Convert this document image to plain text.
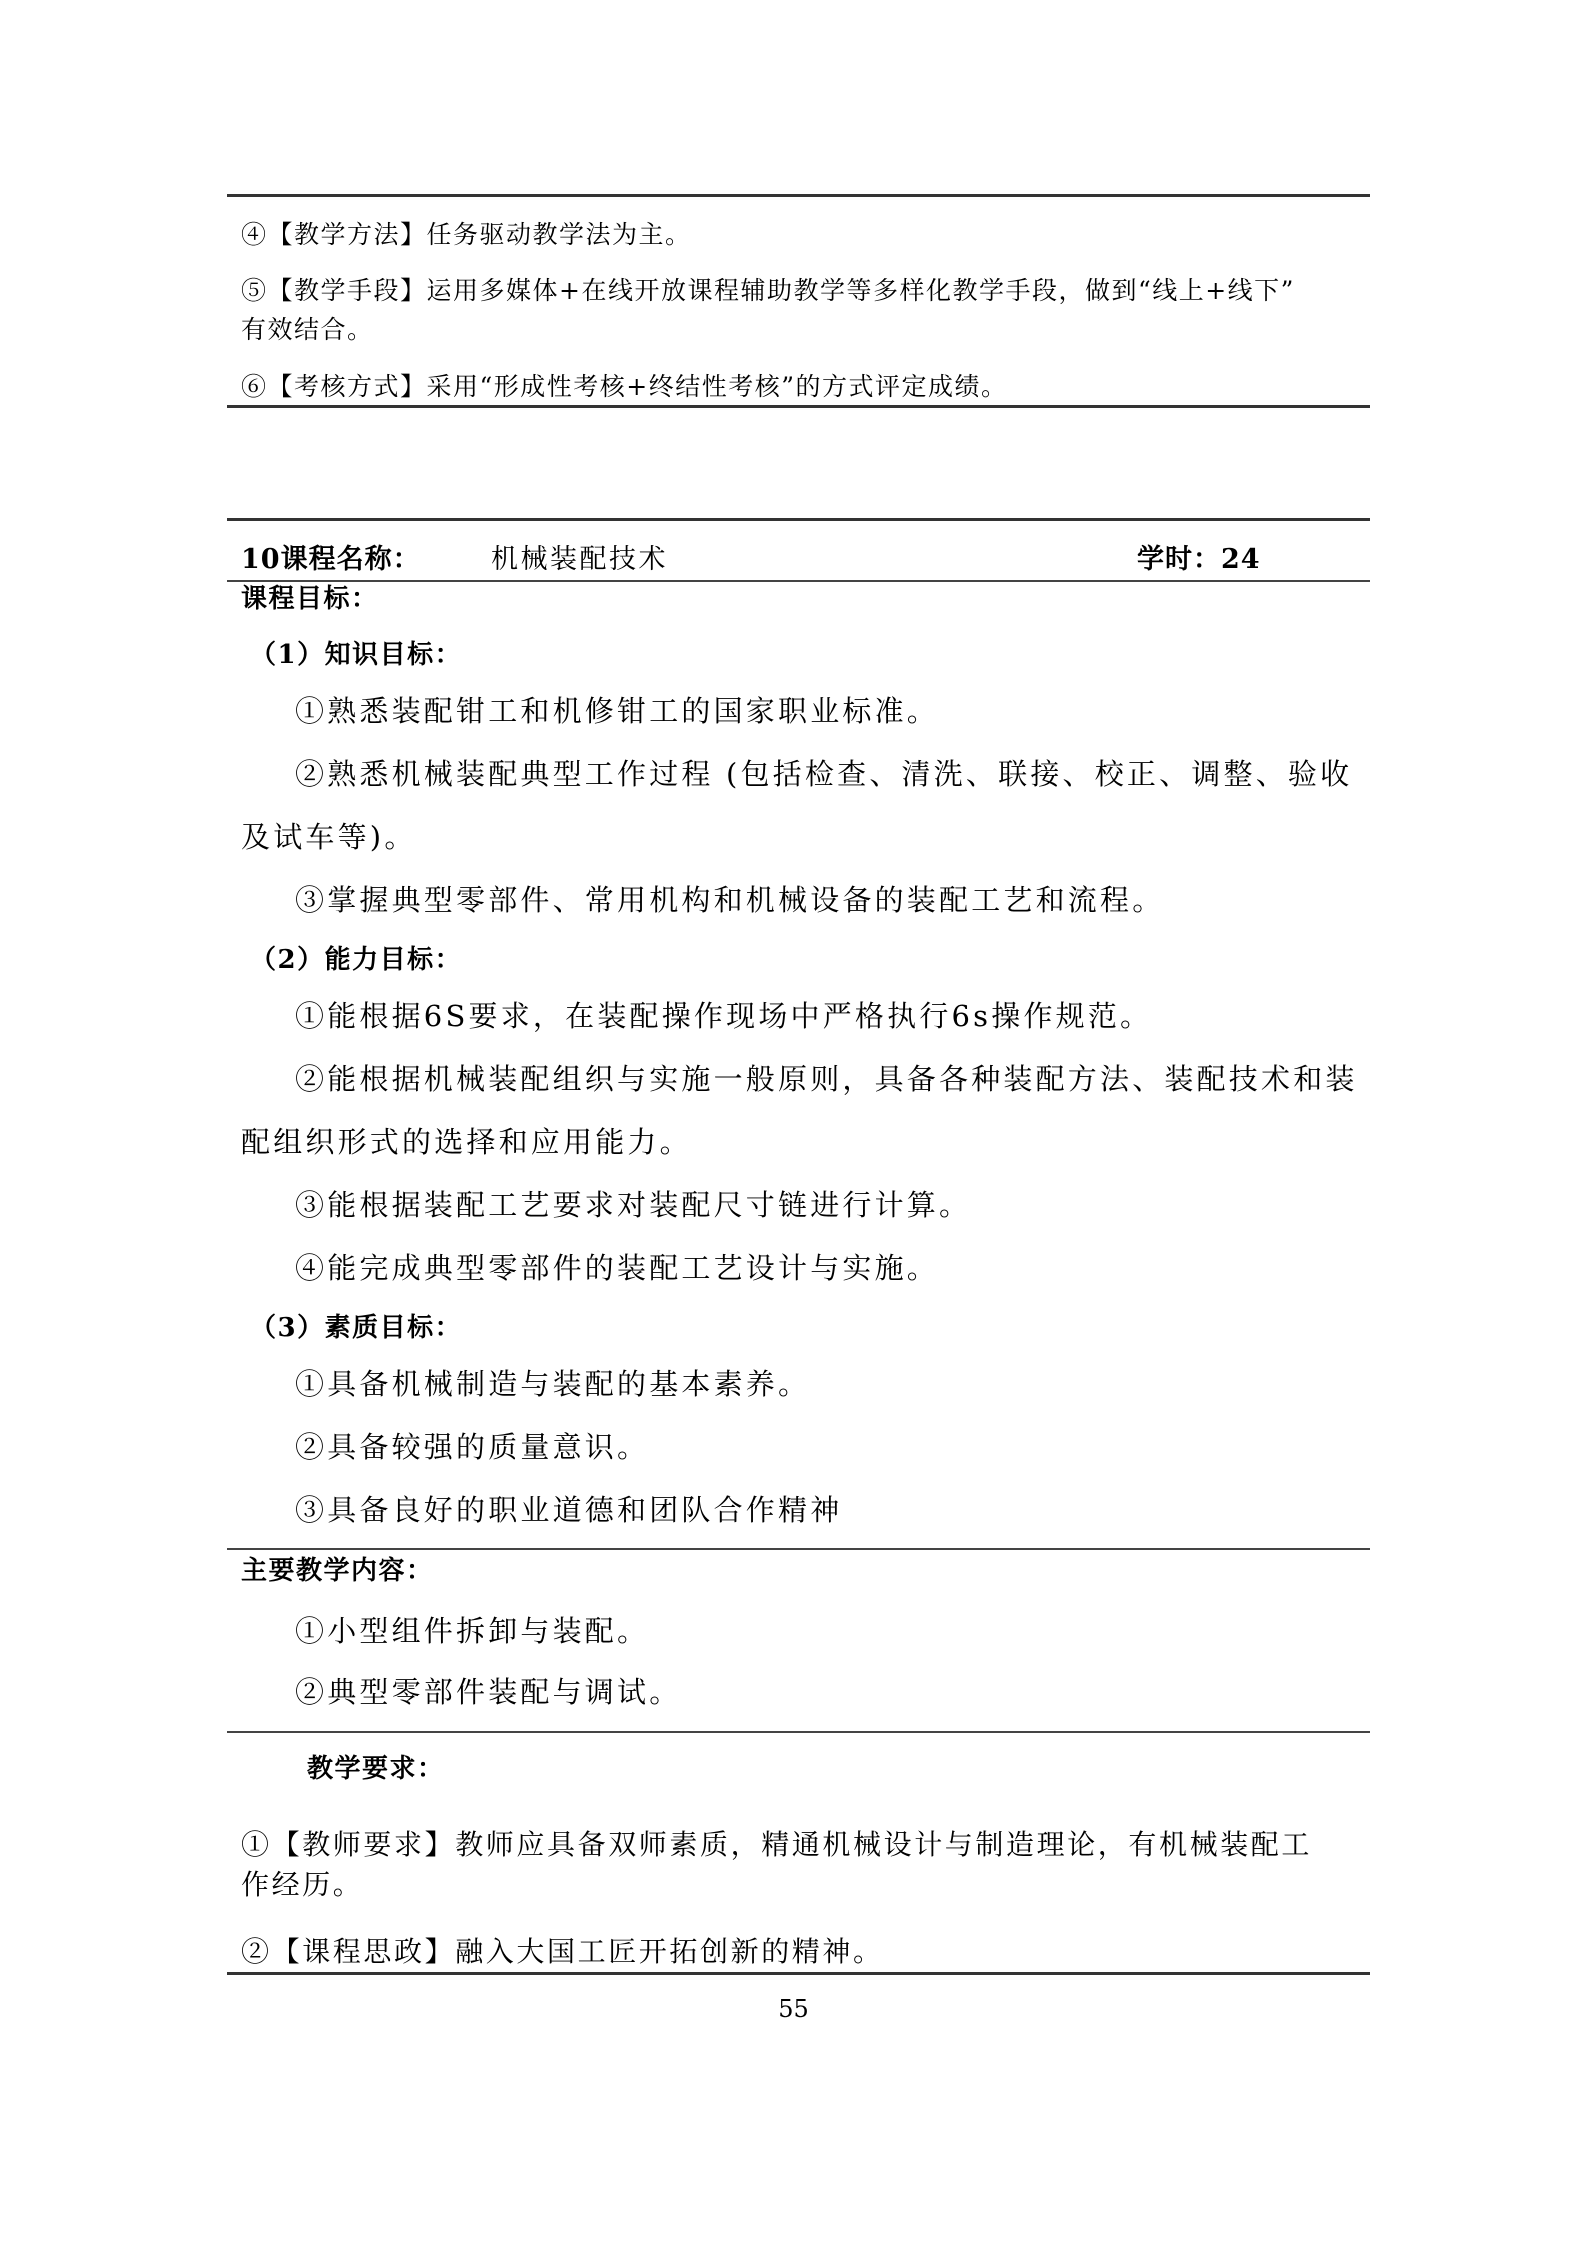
④【教学方法】任务驱动教学法为主。
⑤【教学手段】运用多媒体+在线开放课程辅助教学等多样化教学手段，做到“线上+线下”
有效结合。
⑥【考核方式】采用“形成性考核+终结性考核”的方式评定成绩。
10课程名称：	机械装配技术	学时：24
课程目标：
（1）知识目标：
①熟悉装配钳工和机修钳工的国家职业标准。
②熟悉机械装配典型工作过程 (包括检查、清洗、联接、校正、调整、验收
及试车等)。
③掌握典型零部件、常用机构和机械设备的装配工艺和流程。
（2）能力目标：
①能根据6S要求，在装配操作现场中严格执行6s操作规范。
②能根据机械装配组织与实施一般原则，具备各种装配方法、装配技术和装
配组织形式的选择和应用能力。
③能根据装配工艺要求对装配尺寸链进行计算。
④能完成典型零部件的装配工艺设计与实施。
（3）素质目标：
①具备机械制造与装配的基本素养。
②具备较强的质量意识。
③具备良好的职业道德和团队合作精神
主要教学内容：
①小型组件拆卸与装配。
②典型零部件装配与调试。
教学要求：
①【教师要求】教师应具备双师素质，精通机械设计与制造理论，有机械装配工
作经历。
②【课程思政】融入大国工匠开拓创新的精神。
55
